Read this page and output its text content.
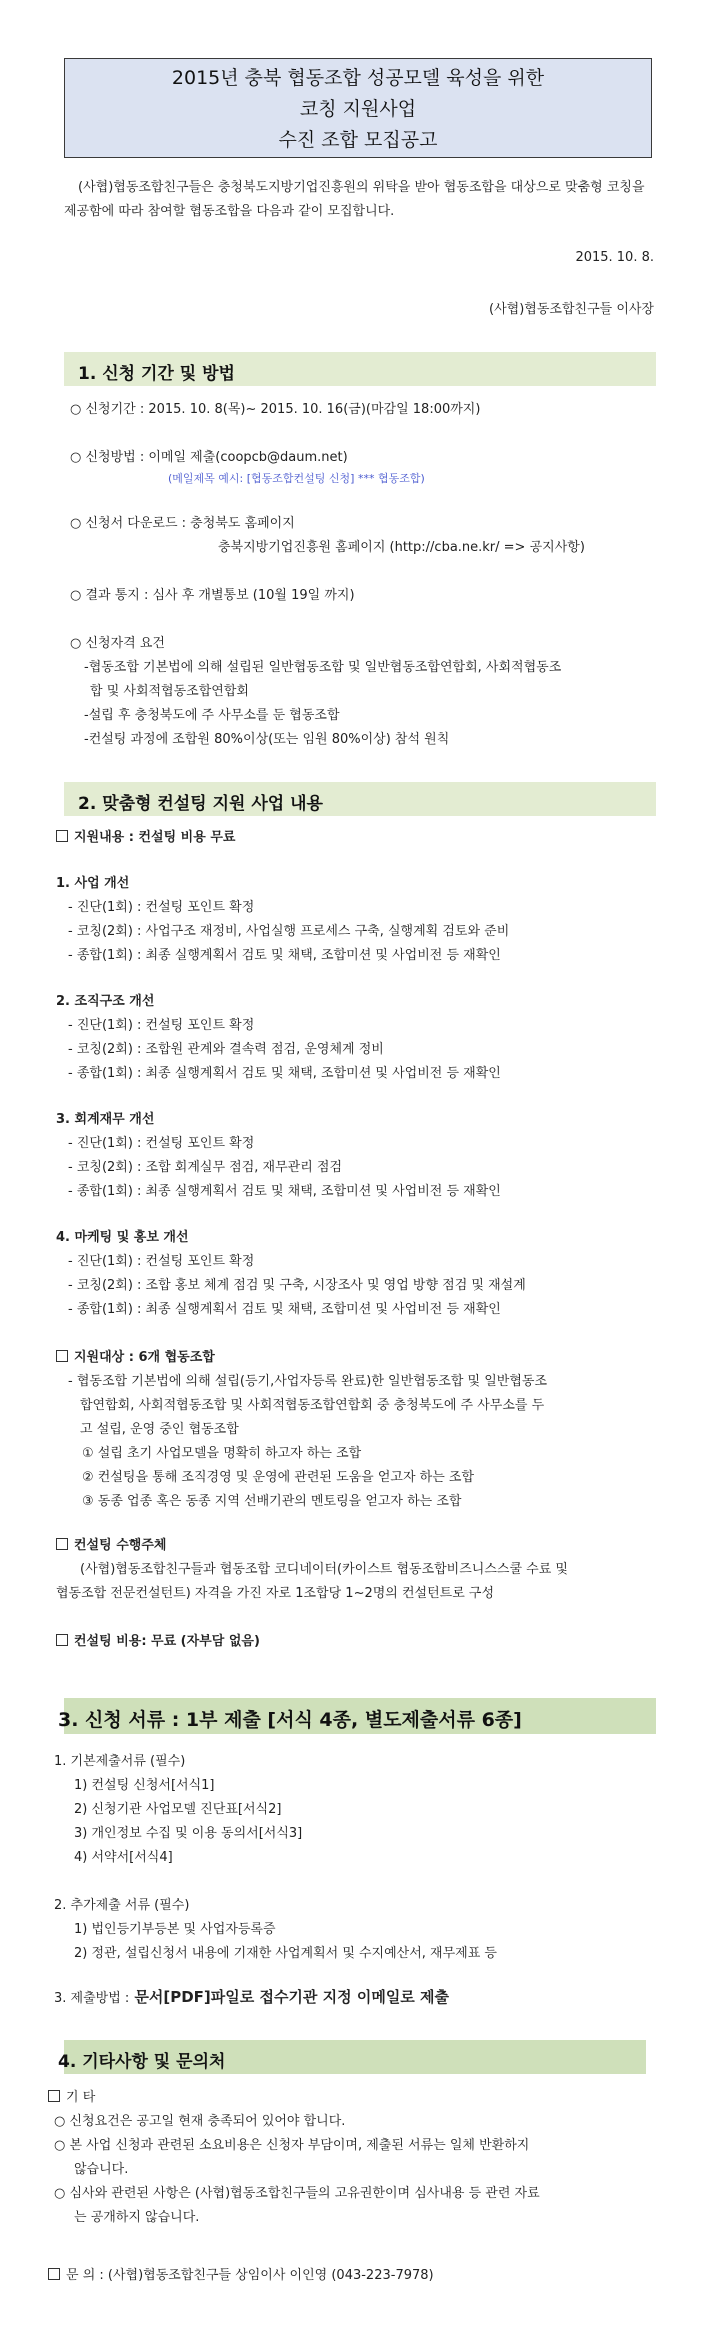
2015년 충북 협동조합 성공모델 육성을 위한
코칭 지원사업
수진 조합 모집공고
(사협)협동조합친구들은 충청북도지방기업진흥원의 위탁을 받아 협동조합을 대상으로 맞춤형 코칭을 제공함에 따라 참여할 협동조합을 다음과 같이 모집합니다.
2015. 10. 8.
(사협)협동조합친구들 이사장
1. 신청 기간 및 방법
○ 신청기간 : 2015. 10. 8(목)~ 2015. 10. 16(금)(마감일 18:00까지)
○ 신청방법 : 이메일 제출(coopcb@daum.net)
(메일제목 예시: [협동조합컨설팅 신청] *** 협동조합)
○ 신청서 다운로드 : 충청북도 홈페이지
충북지방기업진흥원 홈페이지 (http://cba.ne.kr/ => 공지사항)
○ 결과 통지 : 심사 후 개별통보 (10월 19일 까지)
○ 신청자격 요건
-협동조합 기본법에 의해 설립된 일반협동조합 및 일반협동조합연합회, 사회적협동조
합 및 사회적협동조합연합회
-설립 후 충청북도에 주 사무소를 둔 협동조합
-컨설팅 과정에 조합원 80%이상(또는 임원 80%이상) 참석 원칙
2. 맞춤형 컨설팅 지원 사업 내용
지원내용 : 컨설팅 비용 무료
1. 사업 개선
- 진단(1회) : 컨설팅 포인트 확정
- 코칭(2회) : 사업구조 재정비, 사업실행 프로세스 구축, 실행계획 검토와 준비
- 종합(1회) : 최종 실행계획서 검토 및 채택, 조합미션 및 사업비전 등 재확인
2. 조직구조 개선
- 진단(1회) : 컨설팅 포인트 확정
- 코칭(2회) : 조합원 관계와 결속력 점검, 운영체계 정비
- 종합(1회) : 최종 실행계획서 검토 및 채택, 조합미션 및 사업비전 등 재확인
3. 회계재무 개선
- 진단(1회) : 컨설팅 포인트 확정
- 코칭(2회) : 조합 회계실무 점검, 재무관리 점검
- 종합(1회) : 최종 실행계획서 검토 및 채택, 조합미션 및 사업비전 등 재확인
4. 마케팅 및 홍보 개선
- 진단(1회) : 컨설팅 포인트 확정
- 코칭(2회) : 조합 홍보 체계 점검 및 구축, 시장조사 및 영업 방향 점검 및 재설계
- 종합(1회) : 최종 실행계획서 검토 및 채택, 조합미션 및 사업비전 등 재확인
지원대상 : 6개 협동조합
- 협동조합 기본법에 의해 설립(등기,사업자등록 완료)한 일반협동조합 및 일반협동조
합연합회, 사회적협동조합 및 사회적협동조합연합회 중 충청북도에 주 사무소를 두
고 설립, 운영 중인 협동조합
① 설립 초기 사업모델을 명확히 하고자 하는 조합
② 컨설팅을 통해 조직경영 및 운영에 관련된 도움을 얻고자 하는 조합
③ 동종 업종 혹은 동종 지역 선배기관의 멘토링을 얻고자 하는 조합
컨설팅 수행주체
(사협)협동조합친구들과 협동조합 코디네이터(카이스트 협동조합비즈니스스쿨 수료 및
협동조합 전문컨설턴트) 자격을 가진 자로 1조합당 1~2명의 컨설턴트로 구성
컨설팅 비용: 무료 (자부담 없음)
3. 신청 서류 : 1부 제출 [서식 4종, 별도제출서류 6종]
1. 기본제출서류 (필수)
1) 컨설팅 신청서[서식1]
2) 신청기관 사업모델 진단표[서식2]
3) 개인정보 수집 및 이용 동의서[서식3]
4) 서약서[서식4]
2. 추가제출 서류 (필수)
1) 법인등기부등본 및 사업자등록증
2) 정관, 설립신청서 내용에 기재한 사업계획서 및 수지예산서, 재무제표 등
3. 제출방법 : 문서[PDF]파일로 접수기관 지정 이메일로 제출
4. 기타사항 및 문의처
기 타
○ 신청요건은 공고일 현재 충족되어 있어야 합니다.
○ 본 사업 신청과 관련된 소요비용은 신청자 부담이며, 제출된 서류는 일체 반환하지
않습니다.
○ 심사와 관련된 사항은 (사협)협동조합친구들의 고유권한이며 심사내용 등 관련 자료
는 공개하지 않습니다.
문 의 : (사협)협동조합친구들 상임이사 이인영 (043-223-7978)
